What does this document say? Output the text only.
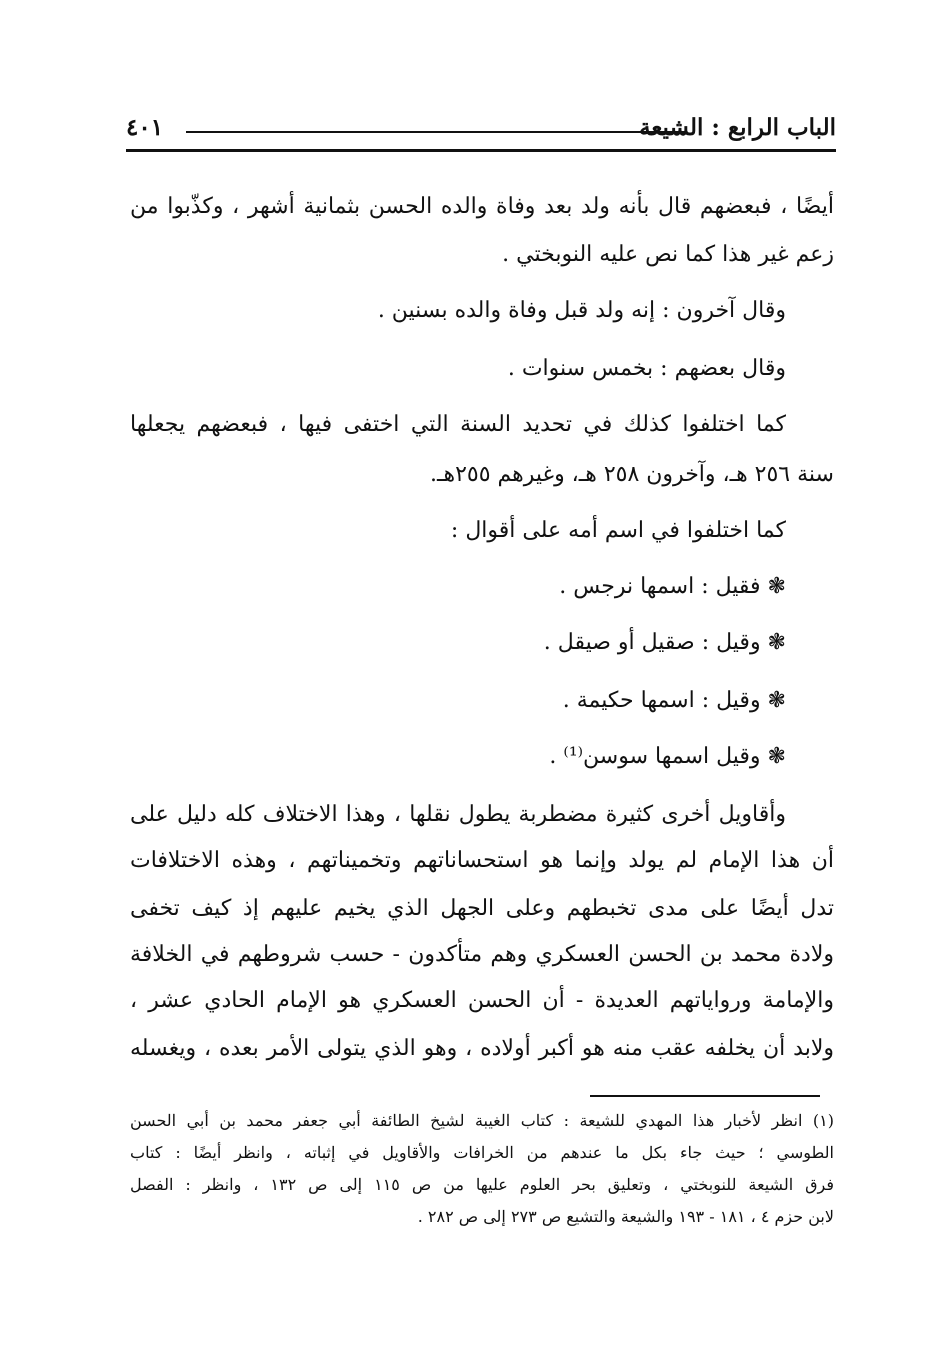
الباب الرابع : الشيعة
٤٠١
أيضًا ، فبعضهم قال بأنه ولد بعد وفاة والده الحسن بثمانية أشهر ، وكذّبوا من
زعم غير هذا كما نص عليه النوبختي .
وقال آخرون : إنه ولد قبل وفاة والده بسنين .
وقال بعضهم : بخمس سنوات .
كما اختلفوا كذلك في تحديد السنة التي اختفى فيها ، فبعضهم يجعلها
سنة ٢٥٦ هـ، وآخرون ٢٥٨ هـ، وغيرهم ٢٥٥هـ.
كما اختلفوا في اسم أمه على أقوال :
❃ فقيل : اسمها نرجس .
❃ وقيل : صقيل أو صيقل .
❃ وقيل : اسمها حكيمة .
❃ وقيل اسمها سوسن⁽¹⁾ .
وأقاويل أخرى كثيرة مضطربة يطول نقلها ، وهذا الاختلاف كله دليل على
أن هذا الإمام لم يولد وإنما هو استحساناتهم وتخميناتهم ، وهذه الاختلافات
تدل أيضًا على مدى تخبطهم وعلى الجهل الذي يخيم عليهم إذ كيف تخفى
ولادة محمد بن الحسن العسكري وهم متأكدون - حسب شروطهم في الخلافة
والإمامة ورواياتهم العديدة - أن الحسن العسكري هو الإمام الحادي عشر ،
ولابد أن يخلفه عقب منه هو أكبر أولاده ، وهو الذي يتولى الأمر بعده ، ويغسله
(١) انظر لأخبار هذا المهدي للشيعة : كتاب الغيبة لشيخ الطائفة أبي جعفر محمد بن أبي الحسن
الطوسي ؛ حيث جاء بكل ما عندهم من الخرافات والأقاويل في إثباته ، وانظر أيضًا : كتاب
فرق الشيعة للنوبختي ، وتعليق بحر العلوم عليها من ص ١١٥ إلى ص ١٣٢ ، وانظر : الفصل
لابن حزم ٤ ، ١٨١ - ١٩٣ والشيعة والتشيع ص ٢٧٣ إلى ص ٢٨٢ .
